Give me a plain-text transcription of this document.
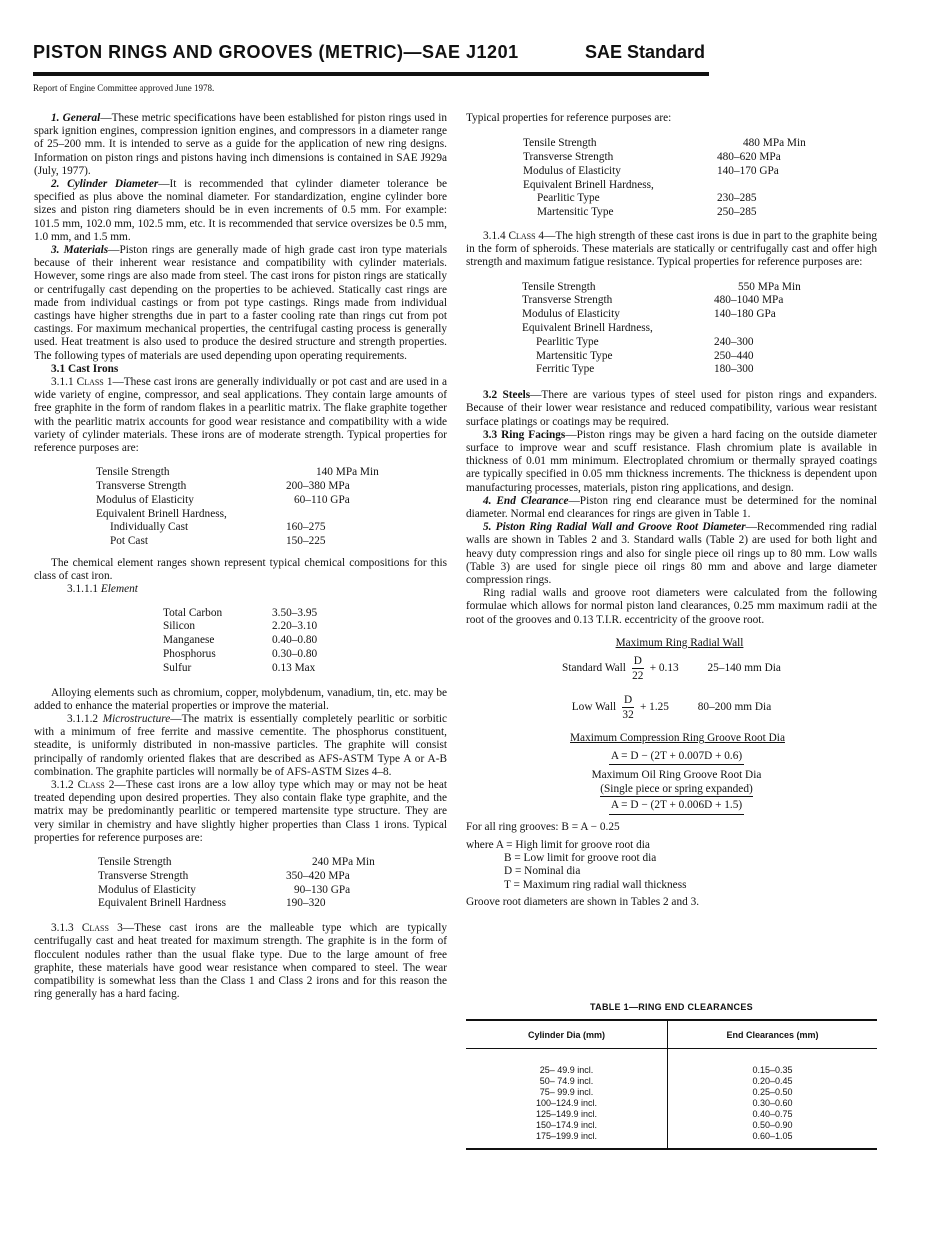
PISTON RINGS AND GROOVES (METRIC)—SAE J1201	SAE Standard
Report of Engine Committee approved June 1978.

1. General—These metric specifications have been established for piston rings used in spark ignition engines, compression ignition engines, and compressors in a diameter range of 25–200 mm. It is intended to serve as a guide for the application of new ring designs. Information on piston rings and pistons having inch dimensions is contained in SAE J929a (July, 1977).

2. Cylinder Diameter—It is recommended that cylinder diameter tolerance be specified as plus above the nominal diameter. For standardization, engine cylinder bore sizes and piston ring diameters should be in even increments of 0.5 mm. For example: 101.5 mm, 102.0 mm, 102.5 mm, etc. It is recommended that service oversizes be 0.5 mm, 1.0 mm, and 1.5 mm.

3. Materials—Piston rings are generally made of high grade cast iron type materials because of their inherent wear resistance and compatibility with cylinder materials. However, some rings are also made from steel. The cast irons for piston rings are statically or centrifugally cast depending on the properties to be achieved. Statically cast rings are made from individual castings or from pot type castings. Rings made from individual castings have higher strengths due in part to a faster cooling rate than rings cut from pot castings. For maximum mechanical properties, the centrifugal casting process is generally used. Heat treatment is also used to produce the desired structure and strength properties. The following types of materials are used depending upon operating requirements.

3.1 Cast Irons

3.1.1 Class 1—These cast irons are generally individually or pot cast and are used in a wide variety of engine, compressor, and seal applications. They contain large amounts of free graphite in the form of random flakes in a pearlitic matrix. The flake graphite together with the pearlitic matrix accounts for good wear resistance and compatibility with a wide variety of cylinder materials. These irons are of moderate strength. Typical properties for reference purposes are:

Tensile Strength	140 MPa Min
Transverse Strength	200–380 MPa
Modulus of Elasticity	60–110 GPa
Equivalent Brinell Hardness,	
Individually Cast	160–275
Pot Cast	150–225

The chemical element ranges shown represent typical chemical compositions for this class of cast iron.

3.1.1.1 Element

Total Carbon	3.50–3.95
Silicon	2.20–3.10
Manganese	0.40–0.80
Phosphorus	0.30–0.80
Sulfur	0.13 Max

Alloying elements such as chromium, copper, molybdenum, vanadium, tin, etc. may be added to enhance the material properties or improve the material.

3.1.1.2 Microstructure—The matrix is essentially completely pearlitic or sorbitic with a minimum of free ferrite and massive cementite. The phosphorus constituent, steadite, is uniformly distributed in non-massive particles. The graphite will consist principally of randomly oriented flakes that are described as AFS-ASTM Type A or A-B combination. The graphite particles will normally be of AFS-ASTM Sizes 4–8.

3.1.2 Class 2—These cast irons are a low alloy type which may or may not be heat treated depending upon desired properties. They also contain flake type graphite, and the matrix may be predominantly pearlitic or tempered martensite type structure. They are very similar in chemistry and have slightly higher properties than Class 1 irons. Typical properties for reference purposes are:

Tensile Strength	240 MPa Min
Transverse Strength	350–420 MPa
Modulus of Elasticity	90–130 GPa
Equivalent Brinell Hardness	190–320

3.1.3 Class 3—These cast irons are the malleable type which are typically centrifugally cast and heat treated for maximum strength. The graphite is in the form of flocculent nodules rather than the usual flake type. Due to the large amount of free graphite, these materials have good wear resistance when compared to steel. The wear compatibility is somewhat less than the Class 1 and Class 2 irons and for this reason the ring generally has a hard facing.

Typical properties for reference purposes are:

Tensile Strength	480 MPa Min
Transverse Strength	480–620 MPa
Modulus of Elasticity	140–170 GPa
Equivalent Brinell Hardness,	
Pearlitic Type	230–285
Martensitic Type	250–285

3.1.4 Class 4—The high strength of these cast irons is due in part to the graphite being in the form of spheroids. These materials are statically or centrifugally cast and offer high strength and maximum fatigue resistance. Typical properties for reference purposes are:

Tensile Strength	550 MPa Min
Transverse Strength	480–1040 MPa
Modulus of Elasticity	140–180 GPa
Equivalent Brinell Hardness,	
Pearlitic Type	240–300
Martensitic Type	250–440
Ferritic Type	180–300

3.2 Steels—There are various types of steel used for piston rings and expanders. Because of their lower wear resistance and reduced compatibility, various wear resistant surface platings or coatings may be required.

3.3 Ring Facings—Piston rings may be given a hard facing on the outside diameter surface to improve wear and scuff resistance. Flash chromium plate is available in thickness of 0.01 mm minimum. Electroplated chromium or thermally sprayed coatings are typically specified in 0.05 mm thickness increments. The thickness is dependent upon manufacturing processes, materials, piston ring applications, and design.

4. End Clearance—Piston ring end clearance must be determined for the nominal diameter. Normal end clearances for rings are given in Table 1.

5. Piston Ring Radial Wall and Groove Root Diameter—Recommended ring radial walls are shown in Tables 2 and 3. Standard walls (Table 2) are used for both light and heavy duty compression rings and also for single piece oil rings up to 80 mm. Low walls (Table 3) are used for single piece oil rings 80 mm and above and large diameter compression rings.

Ring radial walls and groove root diameters were calculated from the following formulae which allows for normal piston land clearances, 0.25 mm maximum radii at the root of the grooves and 0.13 T.I.R. eccentricity of the groove root.

Maximum Ring Radial Wall
Standard Wall $\frac{D}{22} + 0.13$	25–140 mm Dia
Low Wall $\frac{D}{32} + 1.25$	80–200 mm Dia
Maximum Compression Ring Groove Root Dia
A = D − (2T + 0.007D + 0.6)
Maximum Oil Ring Groove Root Dia
(Single piece or spring expanded)
A = D − (2T + 0.006D + 1.5)

For all ring grooves: B = A − 0.25

where A = High limit for groove root dia

B = Low limit for groove root dia

D = Nominal dia

T = Maximum ring radial wall thickness

Groove root diameters are shown in Tables 2 and 3.

TABLE 1—RING END CLEARANCES
Cylinder Dia (mm)	End Clearances (mm)
25– 49.9 incl.	0.15–0.35
50– 74.9 incl.	0.20–0.45
75– 99.9 incl.	0.25–0.50
100–124.9 incl.	0.30–0.60
125–149.9 incl.	0.40–0.75
150–174.9 incl.	0.50–0.90
175–199.9 incl.	0.60–1.05
